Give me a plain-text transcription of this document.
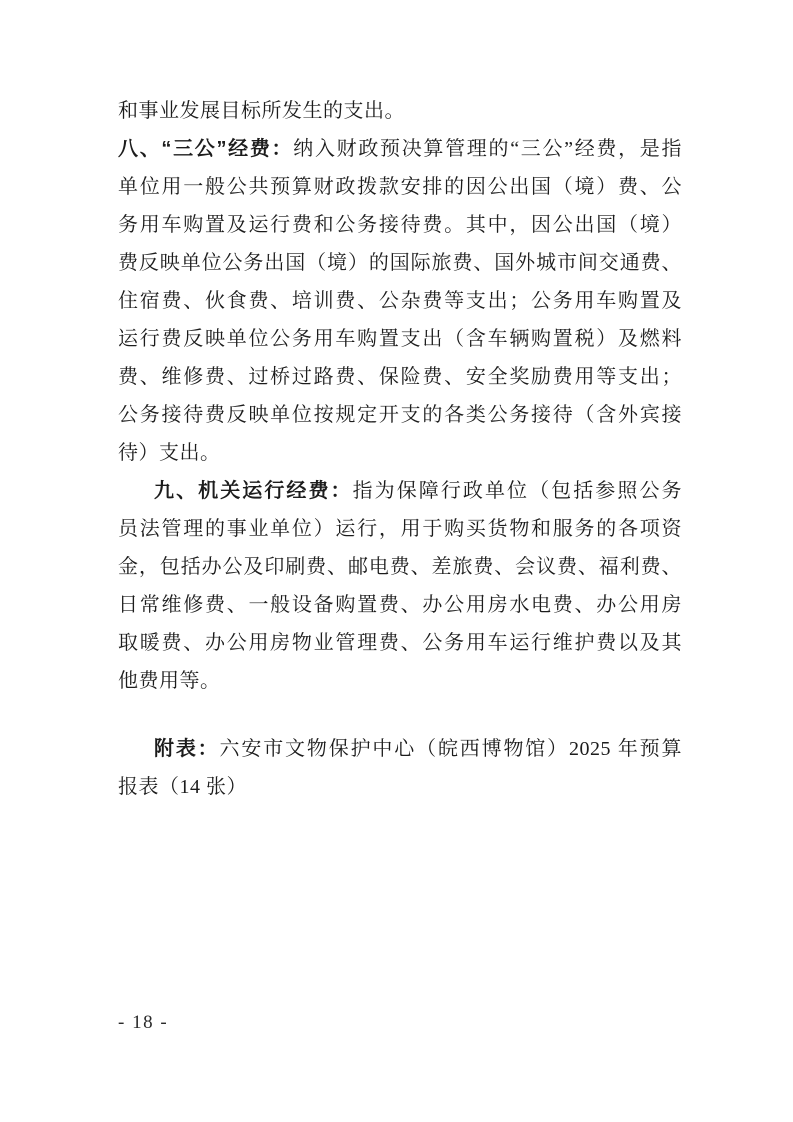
和事业发展目标所发生的支出。
八、“三公”经费：纳入财政预决算管理的“三公”经费，是指
单位用一般公共预算财政拨款安排的因公出国（境）费、公
务用车购置及运行费和公务接待费。其中，因公出国（境）
费反映单位公务出国（境）的国际旅费、国外城市间交通费、
住宿费、伙食费、培训费、公杂费等支出；公务用车购置及
运行费反映单位公务用车购置支出（含车辆购置税）及燃料
费、维修费、过桥过路费、保险费、安全奖励费用等支出；
公务接待费反映单位按规定开支的各类公务接待（含外宾接
待）支出。
九、机关运行经费：指为保障行政单位（包括参照公务
员法管理的事业单位）运行，用于购买货物和服务的各项资
金，包括办公及印刷费、邮电费、差旅费、会议费、福利费、
日常维修费、一般设备购置费、办公用房水电费、办公用房
取暖费、办公用房物业管理费、公务用车运行维护费以及其
他费用等。
附表：六安市文物保护中心（皖西博物馆）2025 年预算
报表（14 张）
- 18 -
